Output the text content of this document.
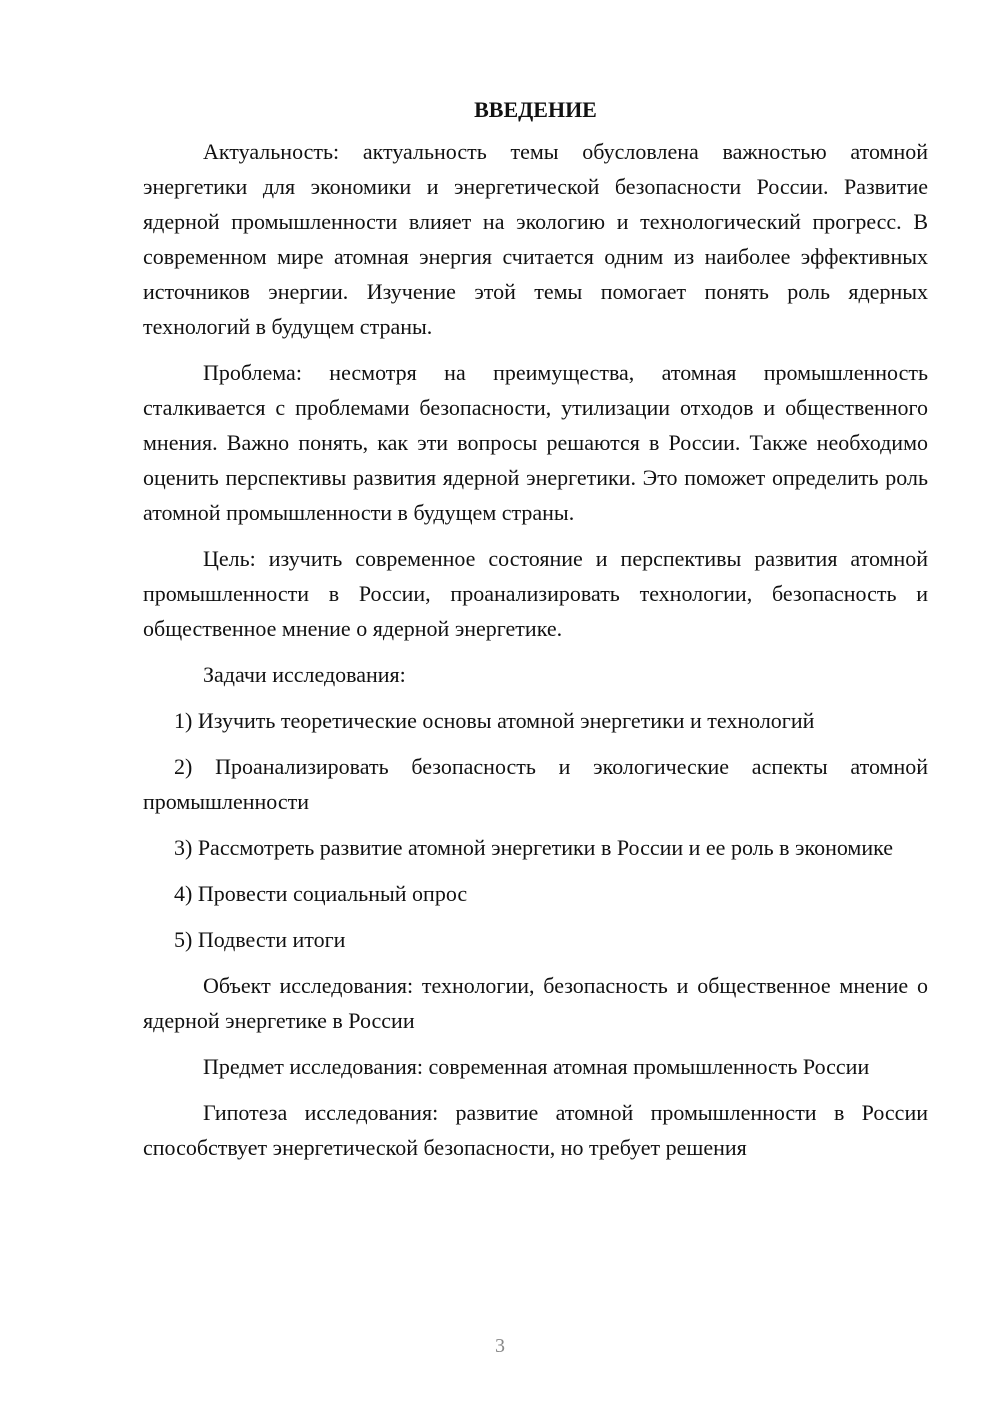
ВВЕДЕНИЕ

Актуальность: актуальность темы обусловлена важностью атомной энергетики для экономики и энергетической безопасности России. Развитие ядерной промышленности влияет на экологию и технологический прогресс. В современном мире атомная энергия считается одним из наиболее эффективных источников энергии. Изучение этой темы помогает понять роль ядерных технологий в будущем страны.

Проблема: несмотря на преимущества, атомная промышленность сталкивается с проблемами безопасности, утилизации отходов и общественного мнения. Важно понять, как эти вопросы решаются в России. Также необходимо оценить перспективы развития ядерной энергетики. Это поможет определить роль атомной промышленности в будущем страны.

Цель: изучить современное состояние и перспективы развития атомной промышленности в России, проанализировать технологии, безопасность и общественное мнение о ядерной энергетике.

Задачи исследования:

1) Изучить теоретические основы атомной энергетики и технологий

2) Проанализировать безопасность и экологические аспекты атомной промышленности

3) Рассмотреть развитие атомной энергетики в России и ее роль в экономике

4) Провести социальный опрос

5) Подвести итоги

Объект исследования: технологии, безопасность и общественное мнение о ядерной энергетике в России

Предмет исследования: современная атомная промышленность России

Гипотеза исследования: развитие атомной промышленности в России способствует энергетической безопасности, но требует решения

3
